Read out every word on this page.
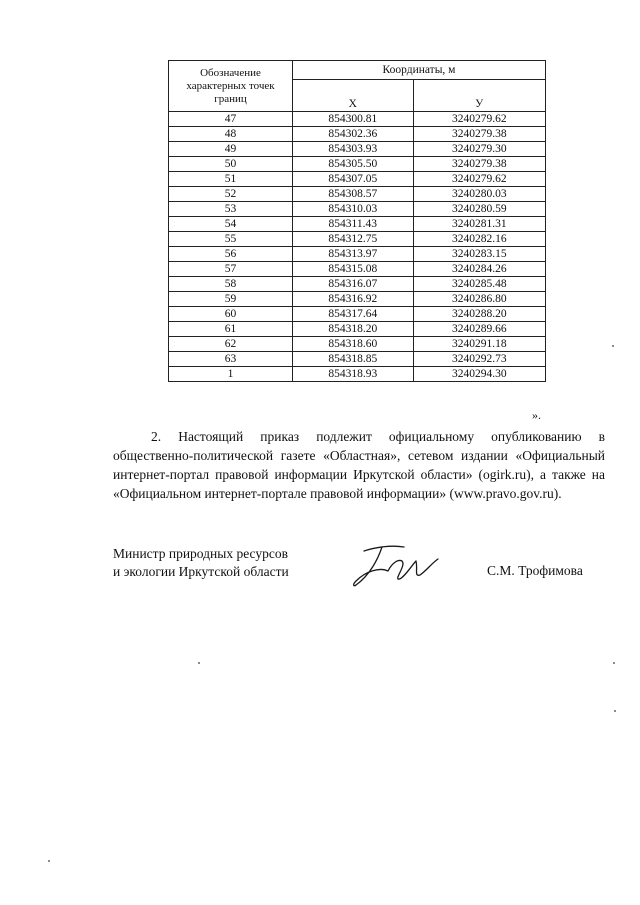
Обозначение характерных точек границ	Координаты, м	
	X	У
47	854300.81	3240279.62
48	854302.36	3240279.38
49	854303.93	3240279.30
50	854305.50	3240279.38
51	854307.05	3240279.62
52	854308.57	3240280.03
53	854310.03	3240280.59
54	854311.43	3240281.31
55	854312.75	3240282.16
56	854313.97	3240283.15
57	854315.08	3240284.26
58	854316.07	3240285.48
59	854316.92	3240286.80
60	854317.64	3240288.20
61	854318.20	3240289.66
62	854318.60	3240291.18
63	854318.85	3240292.73
1	854318.93	3240294.30
».

2. Настоящий приказ подлежит официальному опубликованию в общественно-политической газете «Областная», сетевом издании «Официальный интернет-портал правовой информации Иркутской области» (ogirk.ru), а также на «Официальном интернет-портале правовой информации» (www.pravo.gov.ru).

Министр природных ресурсов
и экологии Иркутской области	С.М. Трофимова
